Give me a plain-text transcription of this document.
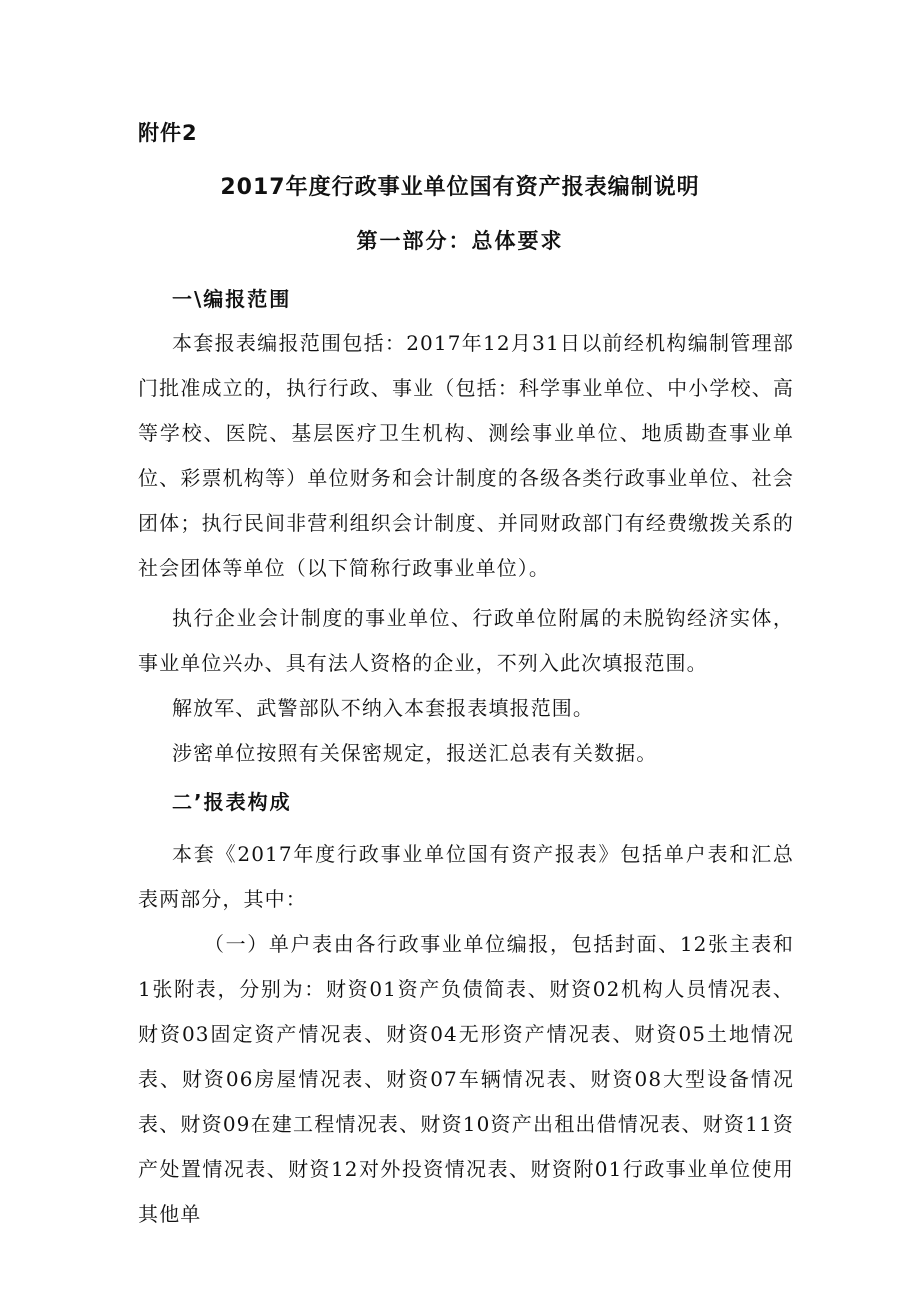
附件2
2017年度行政事业单位国有资产报表编制说明
第一部分：总体要求
一\编报范围

本套报表编报范围包括：2017年12月31日以前经机构编制管理部门批准成立的，执行行政、事业（包括：科学事业单位、中小学校、高等学校、医院、基层医疗卫生机构、测绘事业单位、地质勘查事业单位、彩票机构等）单位财务和会计制度的各级各类行政事业单位、社会团体；执行民间非营利组织会计制度、并同财政部门有经费缴拨关系的社会团体等单位（以下简称行政事业单位）。

执行企业会计制度的事业单位、行政单位附属的未脱钩经济实体，事业单位兴办、具有法人资格的企业，不列入此次填报范围。

解放军、武警部队不纳入本套报表填报范围。

涉密单位按照有关保密规定，报送汇总表有关数据。

二’报表构成

本套《2017年度行政事业单位国有资产报表》包括单户表和汇总表两部分，其中：

（一）单户表由各行政事业单位编报，包括封面、12张主表和1张附表，分别为：财资01资产负债简表、财资02机构人员情况表、财资03固定资产情况表、财资04无形资产情况表、财资05土地情况表、财资06房屋情况表、财资07车辆情况表、财资08大型设备情况表、财资09在建工程情况表、财资10资产出租出借情况表、财资11资产处置情况表、财资12对外投资情况表、财资附01行政事业单位使用其他单
